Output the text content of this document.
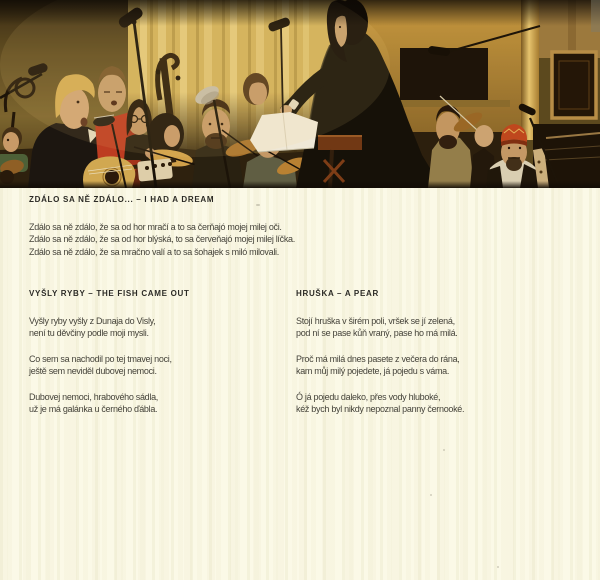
ZDÁLO SA NĚ ZDÁLO... – I HAD A DREAM

Zdálo sa ně zdálo, že sa od hor mračí a to sa čerňajó mojej milej oči.
Zdálo sa ně zdálo, že sa od hor blýská, to sa červeňajó mojej milej líčka.
Zdálo sa ně zdálo, že sa mračno valí a to sa šohajek s miló milovali.

VYŠLY RYBY – THE FISH CAME OUT

Vyšly ryby vyšly z Dunaja do Visly,
není tu děvčiny podle moji mysli.

Co sem sa nachodil po tej tmavej noci,
ještě sem neviděl dubovej nemoci.

Dubovej nemoci, hrabového sádla,
už je má galánka u černého ďábla.

HRUŠKA – A PEAR

Stojí hruška v širém poli, vršek se jí zelená,
pod ní se pase kůň vraný, pase ho má milá.

Proč má milá dnes pasete z večera do rána,
kam můj milý pojedete, já pojedu s váma.

Ó já pojedu daleko, přes vody hluboké,
kéž bych byl nikdy nepoznal panny černooké.
